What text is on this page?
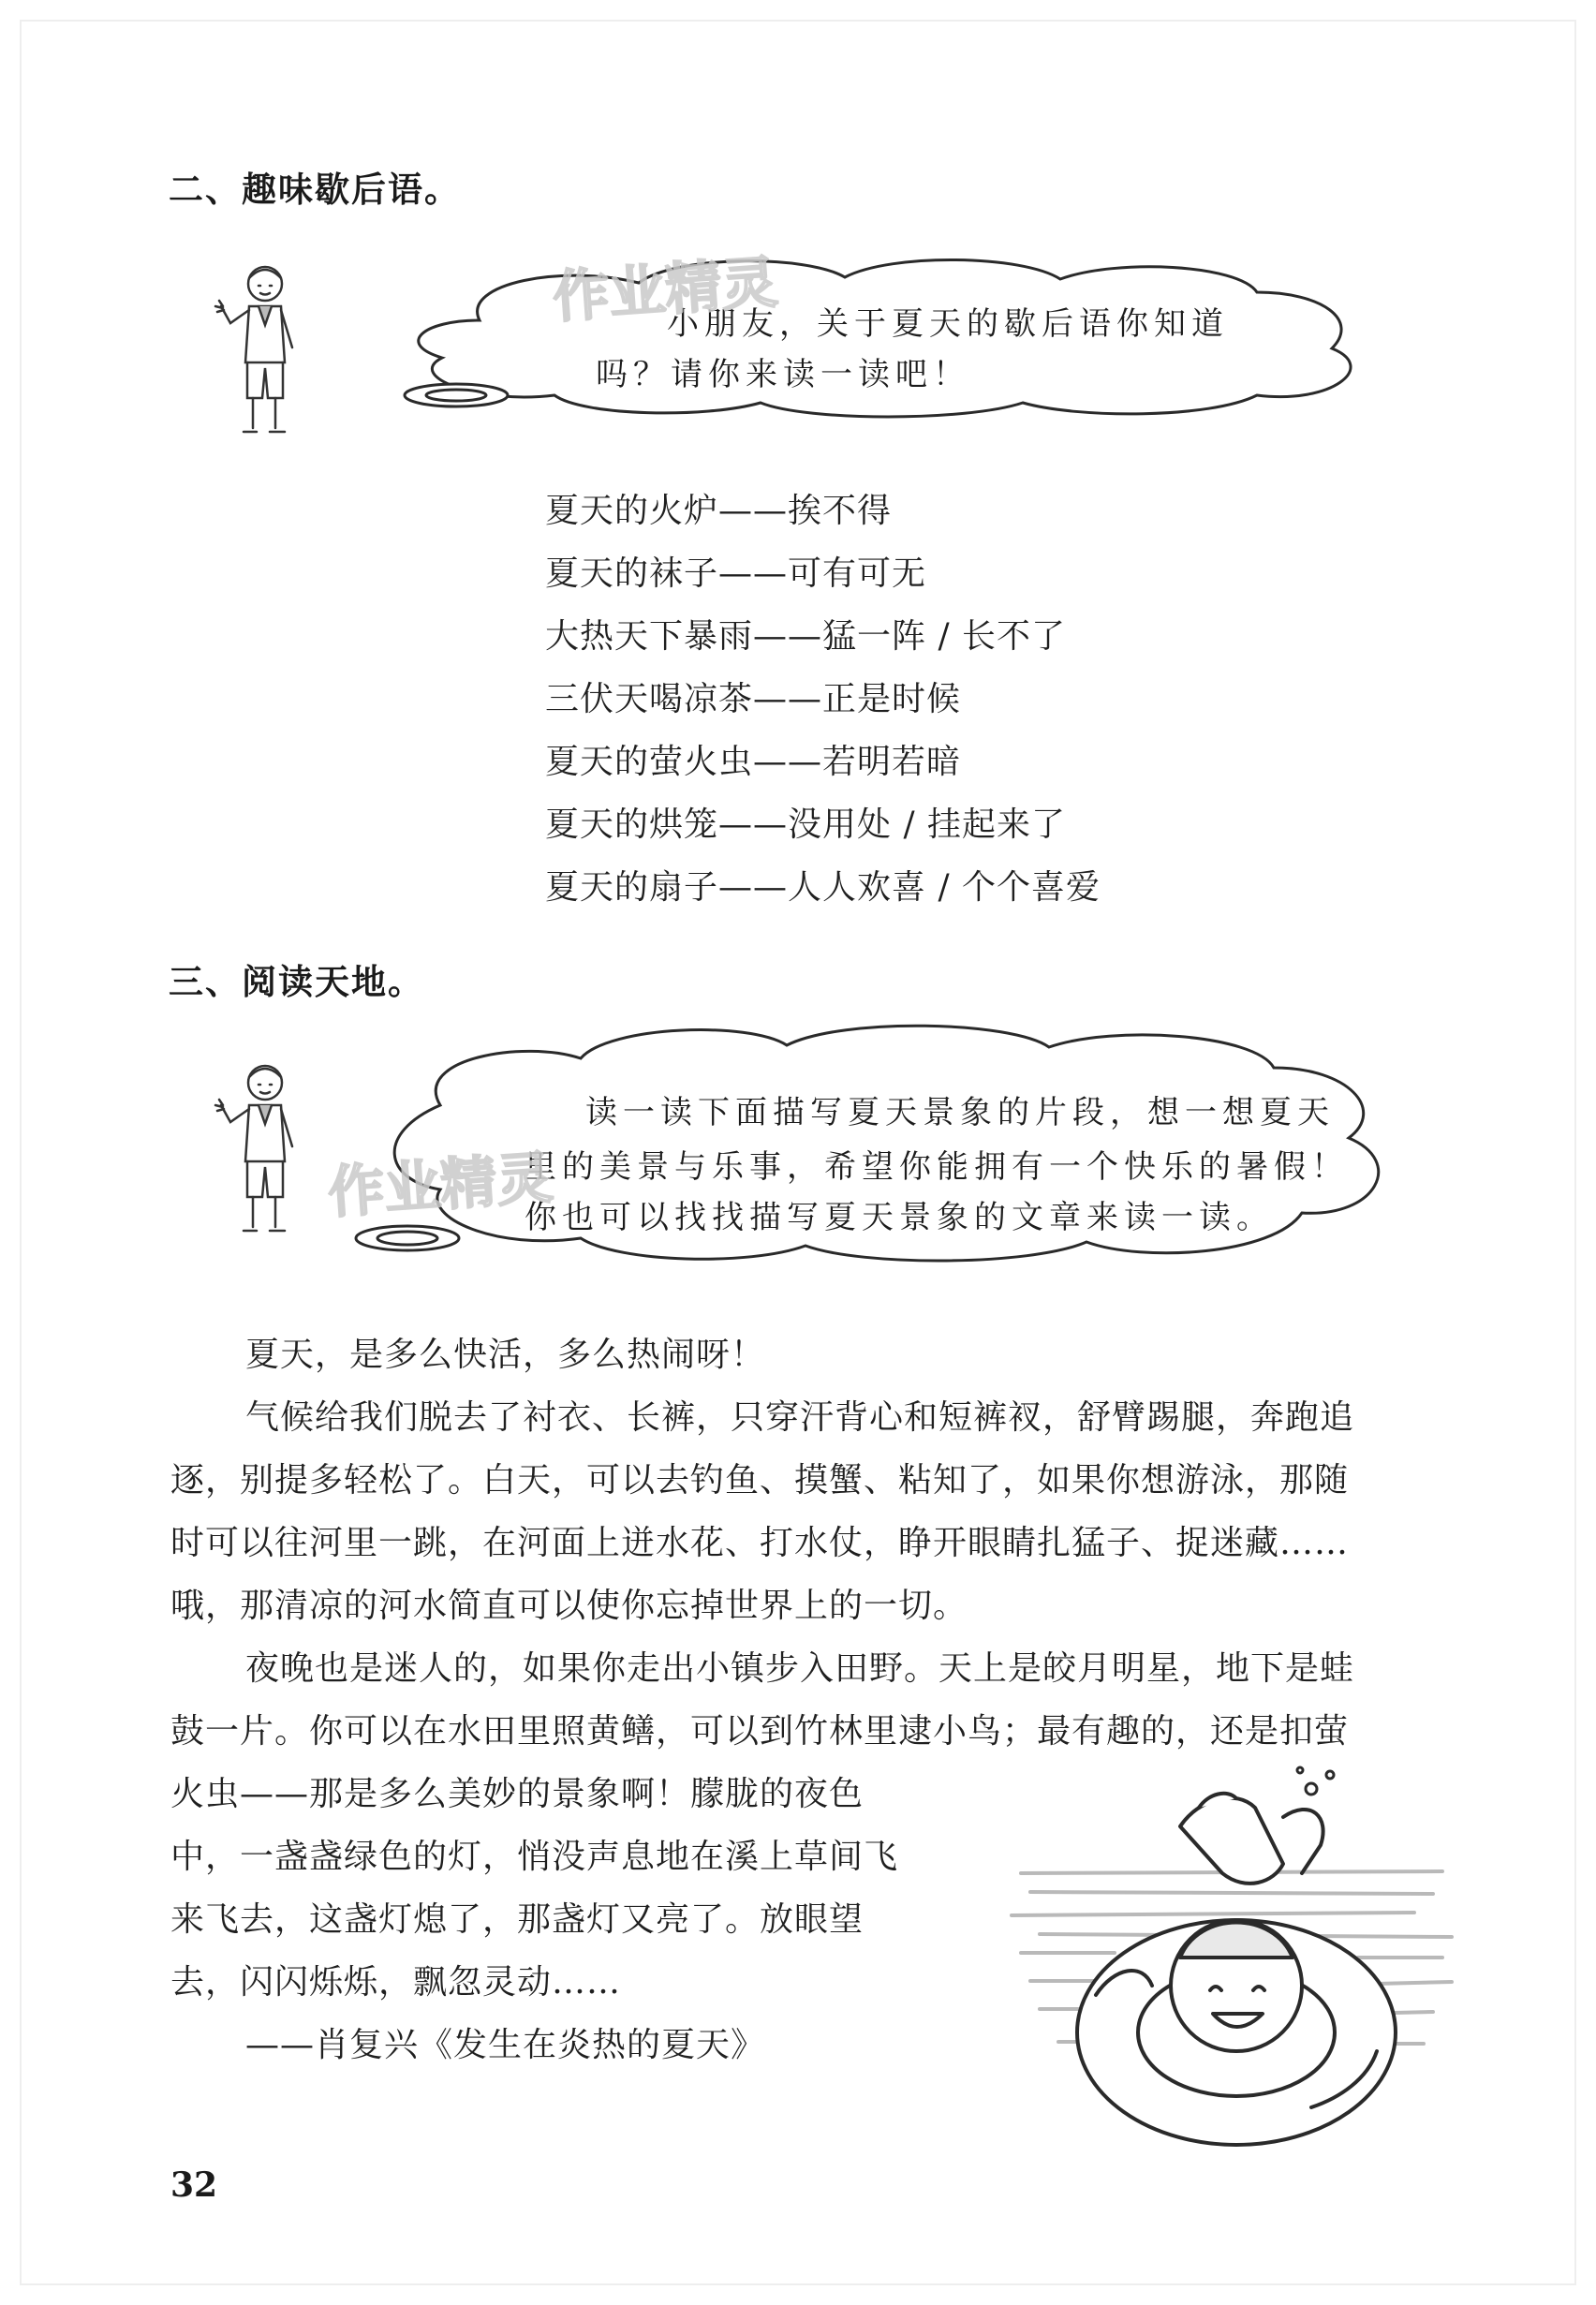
二、趣味歇后语。
小朋友，关于夏天的歇后语你知道
吗？请你来读一读吧！
作业精灵
夏天的火炉——挨不得
夏天的袜子——可有可无
大热天下暴雨——猛一阵 / 长不了
三伏天喝凉茶——正是时候
夏天的萤火虫——若明若暗
夏天的烘笼——没用处 / 挂起来了
夏天的扇子——人人欢喜 / 个个喜爱
三、阅读天地。
读一读下面描写夏天景象的片段，想一想夏天
里的美景与乐事，希望你能拥有一个快乐的暑假！
你也可以找找描写夏天景象的文章来读一读。
作业精灵
夏天，是多么快活，多么热闹呀！
气候给我们脱去了衬衣、长裤，只穿汗背心和短裤衩，舒臂踢腿，奔跑追
逐，别提多轻松了。白天，可以去钓鱼、摸蟹、粘知了，如果你想游泳，那随
时可以往河里一跳，在河面上迸水花、打水仗，睁开眼睛扎猛子、捉迷藏……
哦，那清凉的河水简直可以使你忘掉世界上的一切。
夜晚也是迷人的，如果你走出小镇步入田野。天上是皎月明星，地下是蛙
鼓一片。你可以在水田里照黄鳝，可以到竹林里逮小鸟；最有趣的，还是扣萤
火虫——那是多么美妙的景象啊！朦胧的夜色
中，一盏盏绿色的灯，悄没声息地在溪上草间飞
来飞去，这盏灯熄了，那盏灯又亮了。放眼望
去，闪闪烁烁，飘忽灵动……
——肖复兴《发生在炎热的夏天》
32
